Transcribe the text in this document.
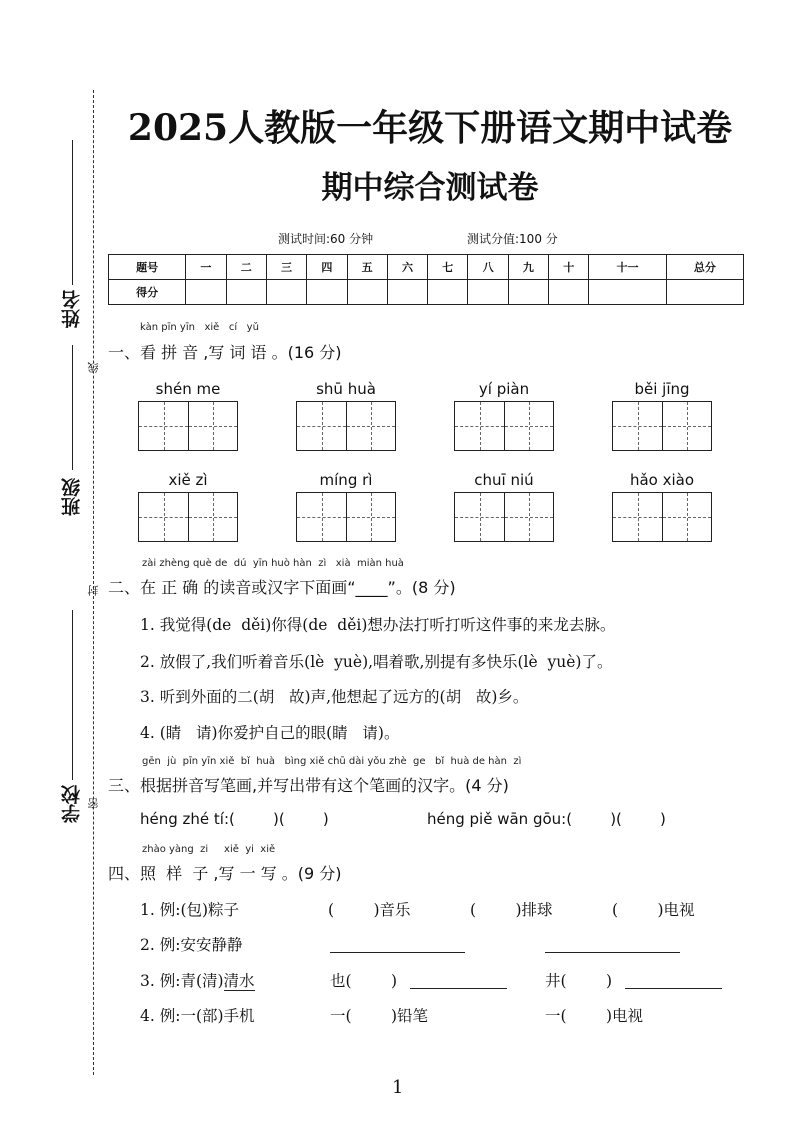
姓名
班级
学校
线
封
密
2025人教版一年级下册语文期中试卷
期中综合测试卷
测试时间:60 分钟	测试分值:100 分
题号	一	二	三	四	五	六	七	八	九	十	十一	总分
得分												
kàn pīn yīn   xiě   cí   yǔ
一、看 拼 音 ,写 词 语 。(16 分)
shén me	shū huà	yí piàn	běi jīng
xiě zì	míng rì	chuī niú	hǎo xiào
zài zhèng què de  dú  yīn huò hàn  zì   xià  miàn huà
二、在 正 确 的读音或汉字下面画“____”。(8 分)
1. 我觉得(de  děi)你得(de  děi)想办法打听打听这件事的来龙去脉。
2. 放假了,我们听着音乐(lè  yuè),唱着歌,别提有多快乐(lè  yuè)了。
3. 听到外面的二(胡   故)声,他想起了远方的(胡   故)乡。
4. (睛   请)你爱护自己的眼(睛   请)。
gēn  jù  pīn yīn xiě  bǐ  huà   bìng xiě chū dài yǒu zhè  ge   bǐ  huà de hàn  zì
三、根据拼音写笔画,并写出带有这个笔画的汉字。(4 分)
héng zhé tí:(        )(        )	héng piě wān gōu:(        )(        )
zhào yàng  zi     xiě  yi  xiě
四、照  样  子 ,写 一 写 。(9 分)
1. 例:(包)粽子	(        )音乐	(        )排球	(        )电视
2. 例:安安静静
3. 例:青(清)清水	也(        )	井(        )
4. 例:一(部)手机	一(        )铅笔	一(        )电视
1
